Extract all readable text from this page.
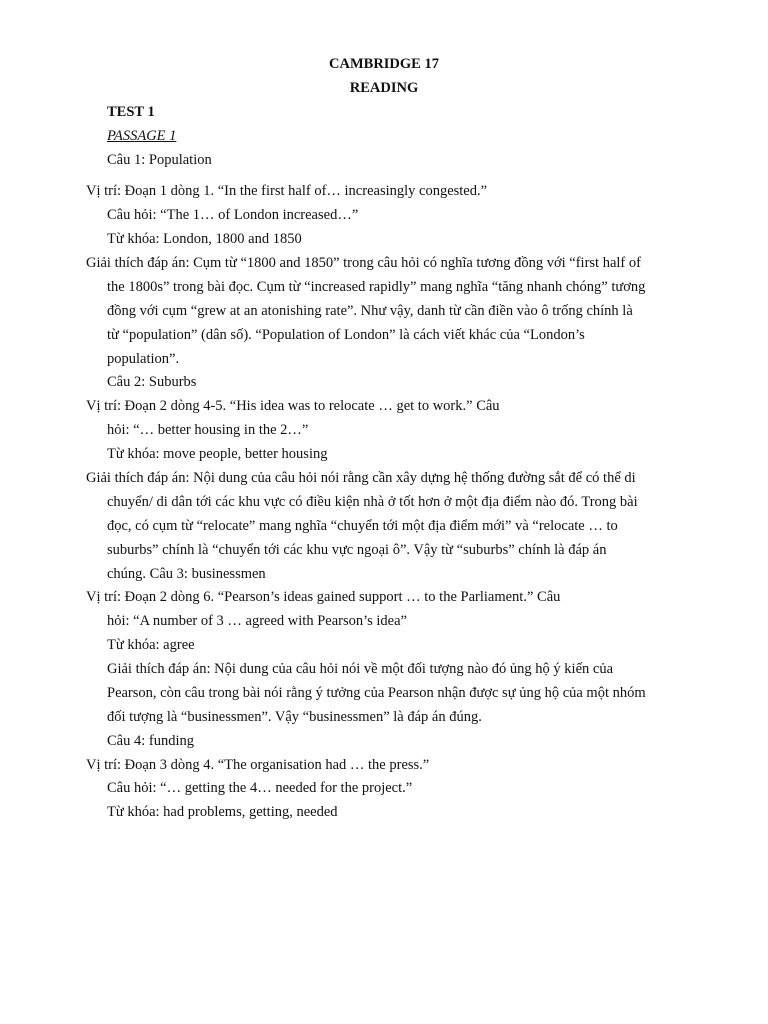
CAMBRIDGE 17
READING
TEST 1
PASSAGE 1
Câu 1: Population
Vị trí: Đoạn 1 dòng 1. “In the first half of… increasingly congested.”
Câu hỏi: “The 1… of London increased…”
Từ khóa: London, 1800 and 1850
Giải thích đáp án: Cụm từ “1800 and 1850” trong câu hỏi có nghĩa tương đồng với “first half of
the 1800s” trong bài đọc. Cụm từ “increased rapidly” mang nghĩa “tăng nhanh chóng” tương
đồng với cụm “grew at an atonishing rate”. Như vậy, danh từ cần điền vào ô trống chính là
từ “population” (dân số). “Population of London” là cách viết khác của “London’s
population”.
Câu 2: Suburbs
Vị trí: Đoạn 2 dòng 4-5. “His idea was to relocate … get to work.” Câu
hỏi: “… better housing in the 2…”
Từ khóa: move people, better housing
Giải thích đáp án: Nội dung của câu hỏi nói rằng cần xây dựng hệ thống đường sắt để có thể di
chuyển/ di dân tới các khu vực có điều kiện nhà ở tốt hơn ở một địa điểm nào đó. Trong bài
đọc, có cụm từ “relocate” mang nghĩa “chuyển tới một địa điểm mới” và “relocate … to
suburbs” chính là “chuyển tới các khu vực ngoại ô”. Vậy từ “suburbs” chính là đáp án
chúng. Câu 3: businessmen
Vị trí: Đoạn 2 dòng 6. “Pearson’s ideas gained support … to the Parliament.” Câu
hỏi: “A number of 3 … agreed with Pearson’s idea”
Từ khóa: agree
Giải thích đáp án: Nội dung của câu hỏi nói về một đối tượng nào đó ủng hộ ý kiến của
Pearson, còn câu trong bài nói rằng ý tưởng của Pearson nhận được sự ủng hộ của một nhóm
đối tượng là “businessmen”. Vậy “businessmen” là đáp án đúng.
Câu 4: funding
Vị trí: Đoạn 3 dòng 4. “The organisation had … the press.”
Câu hỏi: “… getting the 4… needed for the project.”
Từ khóa: had problems, getting, needed
